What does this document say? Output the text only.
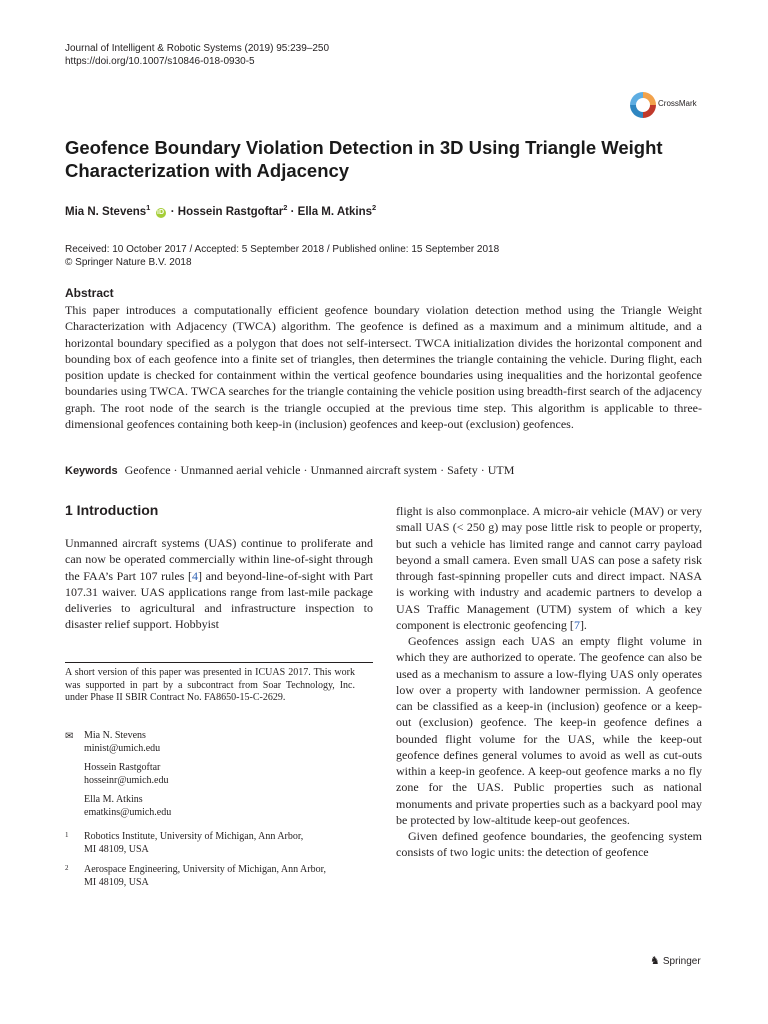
Journal of Intelligent & Robotic Systems (2019) 95:239–250
https://doi.org/10.1007/s10846-018-0930-5
CrossMark
Geofence Boundary Violation Detection in 3D Using Triangle Weight Characterization with Adjacency
Mia N. Stevens$^1$ iD · Hossein Rastgoftar$^2$ · Ella M. Atkins$^2$
Received: 10 October 2017 / Accepted: 5 September 2018 / Published online: 15 September 2018
© Springer Nature B.V. 2018
Abstract
This paper introduces a computationally efficient geofence boundary violation detection method using the Triangle Weight Characterization with Adjacency (TWCA) algorithm. The geofence is defined as a maximum and a minimum altitude, and a horizontal boundary specified as a polygon that does not self-intersect. TWCA initialization divides the horizontal component and bounding box of each geofence into a finite set of triangles, then determines the triangle containing the vehicle. During flight, each position update is checked for containment within the vertical geofence boundaries using inequalities and the horizontal geofence boundaries using TWCA. TWCA searches for the triangle containing the vehicle position using breadth-first search of the adjacency graph. The root node of the search is the triangle occupied at the previous time step. This algorithm is applicable to three-dimensional geofences containing both keep-in (inclusion) geofences and keep-out (exclusion) geofences.
Keywords Geofence · Unmanned aerial vehicle · Unmanned aircraft system · Safety · UTM
1 Introduction

Unmanned aircraft systems (UAS) continue to proliferate and can now be operated commercially within line-of-sight through the FAA’s Part 107 rules [4] and beyond-line-of-sight with Part 107.31 waiver. UAS applications range from last-mile package deliveries to agricultural and infrastructure inspection to disaster relief support. Hobbyist

A short version of this paper was presented in ICUAS 2017. This work was supported in part by a subcontract from Soar Technology, Inc. under Phase II SBIR Contract No. FA8650-15-C-2629.
✉ Mia N. Stevens
minist@umich.edu
Hossein Rastgoftar
hosseinr@umich.edu
Ella M. Atkins
ematkins@umich.edu
1	Robotics Institute, University of Michigan, Ann Arbor,
MI 48109, USA
2	Aerospace Engineering, University of Michigan, Ann Arbor,
MI 48109, USA

flight is also commonplace. A micro-air vehicle (MAV) or very small UAS (< 250 g) may pose little risk to people or property, but such a vehicle has limited range and cannot carry payload beyond a small camera. Even small UAS can pose a safety risk through fast-spinning propeller cuts and direct impact. NASA is working with industry and academic partners to develop a UAS Traffic Management (UTM) system of which a key component is electronic geofencing [7].

Geofences assign each UAS an empty flight volume in which they are authorized to operate. The geofence can also be used as a mechanism to assure a low-flying UAS only operates low over a property with landowner permission. A geofence can be classified as a keep-in (inclusion) geofence or a keep-out (exclusion) geofence. The keep-in geofence defines a bounded flight volume for the UAS, while the keep-out geofence defines general volumes to avoid as well as cut-outs within a keep-in geofence. A keep-out geofence marks a no fly zone for the UAS. Public properties such as national monuments and private properties such as a backyard pool may be protected by low-altitude keep-out geofences.

Given defined geofence boundaries, the geofencing system consists of two logic units: the detection of geofence

♞ Springer
